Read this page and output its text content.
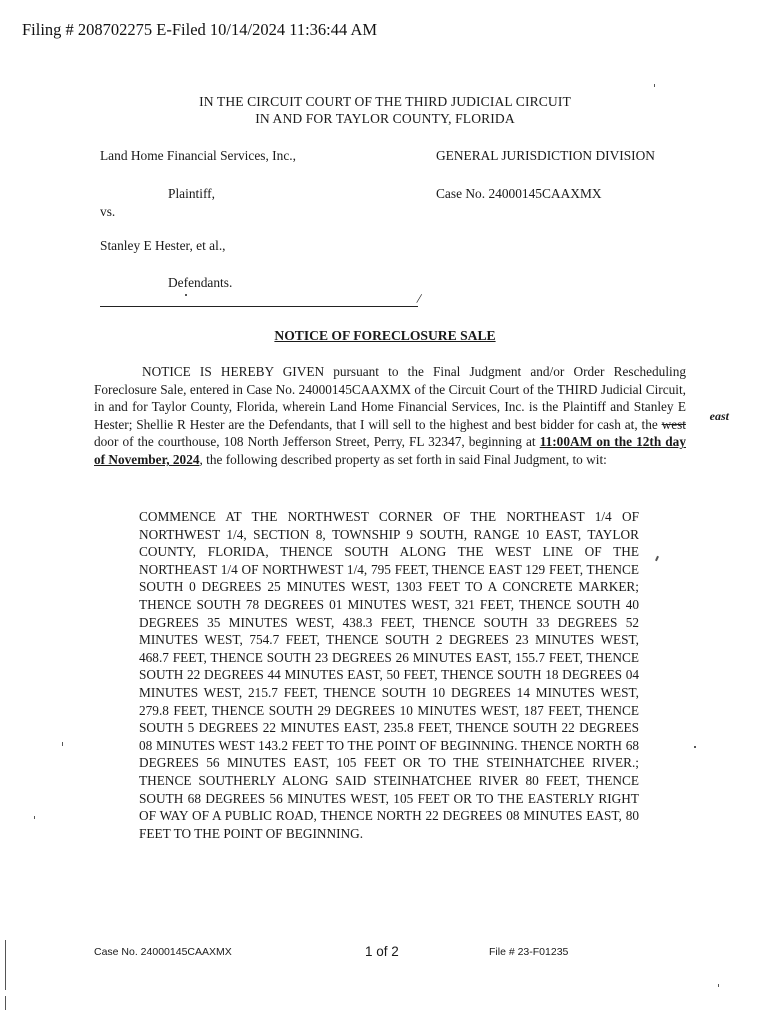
Filing # 208702275 E-Filed 10/14/2024 11:36:44 AM
IN THE CIRCUIT COURT OF THE THIRD JUDICIAL CIRCUIT
IN AND FOR TAYLOR COUNTY, FLORIDA
Land Home Financial Services, Inc.,
Plaintiff,
vs.
Stanley E Hester, et al.,
Defendants.
GENERAL JURISDICTION DIVISION
Case No. 24000145CAAXMX
/
NOTICE OF FORECLOSURE SALE

NOTICE IS HEREBY GIVEN pursuant to the Final Judgment and/or Order Rescheduling Foreclosure Sale, entered in Case No. 24000145CAAXMX of the Circuit Court of the THIRD Judicial Circuit, in and for Taylor County, Florida, wherein Land Home Financial Services, Inc. is the Plaintiff and Stanley E Hester; Shellie R Hester are the Defendants, that I will sell to the highest and best bidder for cash at, the west
east
door of the courthouse, 108 North Jefferson Street, Perry, FL 32347, beginning at 11:00AM on the 12th day of November, 2024, the following described property as set forth in said Final Judgment, to wit:

COMMENCE AT THE NORTHWEST CORNER OF THE NORTHEAST 1/4 OF NORTHWEST 1/4, SECTION 8, TOWNSHIP 9 SOUTH, RANGE 10 EAST, TAYLOR COUNTY, FLORIDA, THENCE SOUTH ALONG THE WEST LINE OF THE NORTHEAST 1/4 OF NORTHWEST 1/4, 795 FEET, THENCE EAST 129 FEET, THENCE SOUTH 0 DEGREES 25 MINUTES WEST, 1303 FEET TO A CONCRETE MARKER; THENCE SOUTH 78 DEGREES 01 MINUTES WEST, 321 FEET, THENCE SOUTH 40 DEGREES 35 MINUTES WEST, 438.3 FEET, THENCE SOUTH 33 DEGREES 52 MINUTES WEST, 754.7 FEET, THENCE SOUTH 2 DEGREES 23 MINUTES WEST, 468.7 FEET, THENCE SOUTH 23 DEGREES 26 MINUTES EAST, 155.7 FEET, THENCE SOUTH 22 DEGREES 44 MINUTES EAST, 50 FEET, THENCE SOUTH 18 DEGREES 04 MINUTES WEST, 215.7 FEET, THENCE SOUTH 10 DEGREES 14 MINUTES WEST, 279.8 FEET, THENCE SOUTH 29 DEGREES 10 MINUTES WEST, 187 FEET, THENCE SOUTH 5 DEGREES 22 MINUTES EAST, 235.8 FEET, THENCE SOUTH 22 DEGREES 08 MINUTES WEST 143.2 FEET TO THE POINT OF BEGINNING. THENCE NORTH 68 DEGREES 56 MINUTES EAST, 105 FEET OR TO THE STEINHATCHEE RIVER.; THENCE SOUTHERLY ALONG SAID STEINHATCHEE RIVER 80 FEET, THENCE SOUTH 68 DEGREES 56 MINUTES WEST, 105 FEET OR TO THE EASTERLY RIGHT OF WAY OF A PUBLIC ROAD, THENCE NORTH 22 DEGREES 08 MINUTES EAST, 80 FEET TO THE POINT OF BEGINNING.
Case No. 24000145CAAXMX	1 of 2	File # 23-F01235
